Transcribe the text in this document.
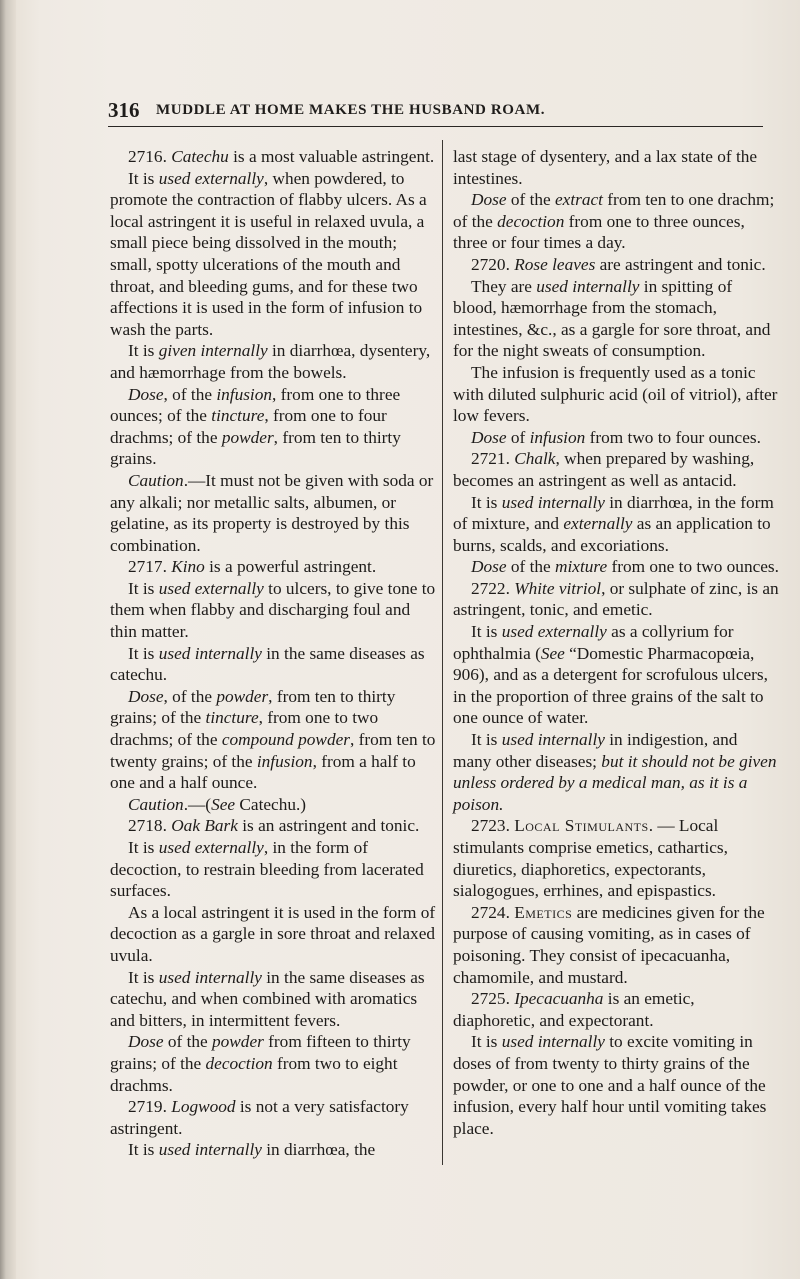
316 MUDDLE AT HOME MAKES THE HUSBAND ROAM.

2716. Catechu is a most valuable astringent.

It is used externally, when powdered, to promote the contraction of flabby ulcers. As a local astringent it is useful in relaxed uvula, a small piece being dissolved in the mouth; small, spotty ulcerations of the mouth and throat, and bleeding gums, and for these two affections it is used in the form of infusion to wash the parts.

It is given internally in diarrhœa, dysentery, and hæmorrhage from the bowels.

Dose, of the infusion, from one to three ounces; of the tincture, from one to four drachms; of the powder, from ten to thirty grains.

Caution.—It must not be given with soda or any alkali; nor metallic salts, albumen, or gelatine, as its property is destroyed by this combination.

2717. Kino is a powerful astringent.

It is used externally to ulcers, to give tone to them when flabby and discharging foul and thin matter.

It is used internally in the same diseases as catechu.

Dose, of the powder, from ten to thirty grains; of the tincture, from one to two drachms; of the compound powder, from ten to twenty grains; of the infusion, from a half to one and a half ounce.

Caution.—(See Catechu.)

2718. Oak Bark is an astringent and tonic.

It is used externally, in the form of decoction, to restrain bleeding from lacerated surfaces.

As a local astringent it is used in the form of decoction as a gargle in sore throat and relaxed uvula.

It is used internally in the same diseases as catechu, and when combined with aromatics and bitters, in intermittent fevers.

Dose of the powder from fifteen to thirty grains; of the decoction from two to eight drachms.

2719. Logwood is not a very satisfactory astringent.

It is used internally in diarrhœa, the

last stage of dysentery, and a lax state of the intestines.

Dose of the extract from ten to one drachm; of the decoction from one to three ounces, three or four times a day.

2720. Rose leaves are astringent and tonic.

They are used internally in spitting of blood, hæmorrhage from the stomach, intestines, &c., as a gargle for sore throat, and for the night sweats of consumption.

The infusion is frequently used as a tonic with diluted sulphuric acid (oil of vitriol), after low fevers.

Dose of infusion from two to four ounces.

2721. Chalk, when prepared by washing, becomes an astringent as well as antacid.

It is used internally in diarrhœa, in the form of mixture, and externally as an application to burns, scalds, and excoriations.

Dose of the mixture from one to two ounces.

2722. White vitriol, or sulphate of zinc, is an astringent, tonic, and emetic.

It is used externally as a collyrium for ophthalmia (See “Domestic Pharmacopœia, 906), and as a detergent for scrofulous ulcers, in the proportion of three grains of the salt to one ounce of water.

It is used internally in indigestion, and many other diseases; but it should not be given unless ordered by a medical man, as it is a poison.

2723. Local Stimulants. — Local stimulants comprise emetics, cathartics, diuretics, diaphoretics, expectorants, sialogogues, errhines, and epispastics.

2724. Emetics are medicines given for the purpose of causing vomiting, as in cases of poisoning. They consist of ipecacuanha, chamomile, and mustard.

2725. Ipecacuanha is an emetic, diaphoretic, and expectorant.

It is used internally to excite vomiting in doses of from twenty to thirty grains of the powder, or one to one and a half ounce of the infusion, every half hour until vomiting takes place.
